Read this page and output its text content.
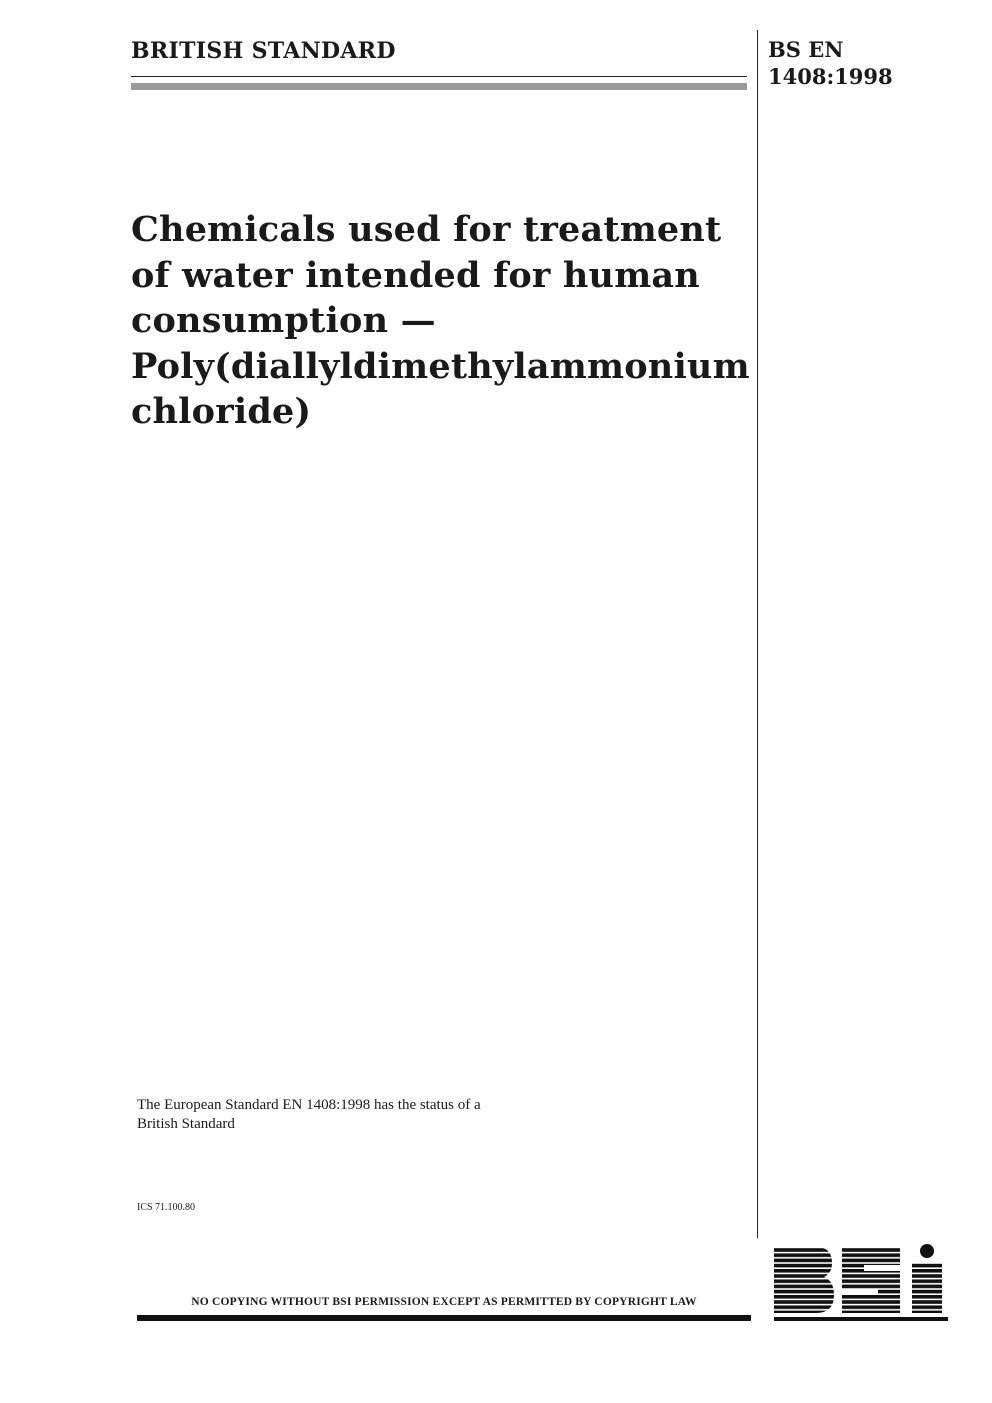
BRITISH STANDARD	BS EN
1408:1998
Chemicals used for treatment
of water intended for human
consumption —
Poly(diallyldimethylammonium
chloride)
The European Standard EN 1408:1998 has the status of a
British Standard
ICS 71.100.80
NO COPYING WITHOUT BSI PERMISSION EXCEPT AS PERMITTED BY COPYRIGHT LAW
BSI
